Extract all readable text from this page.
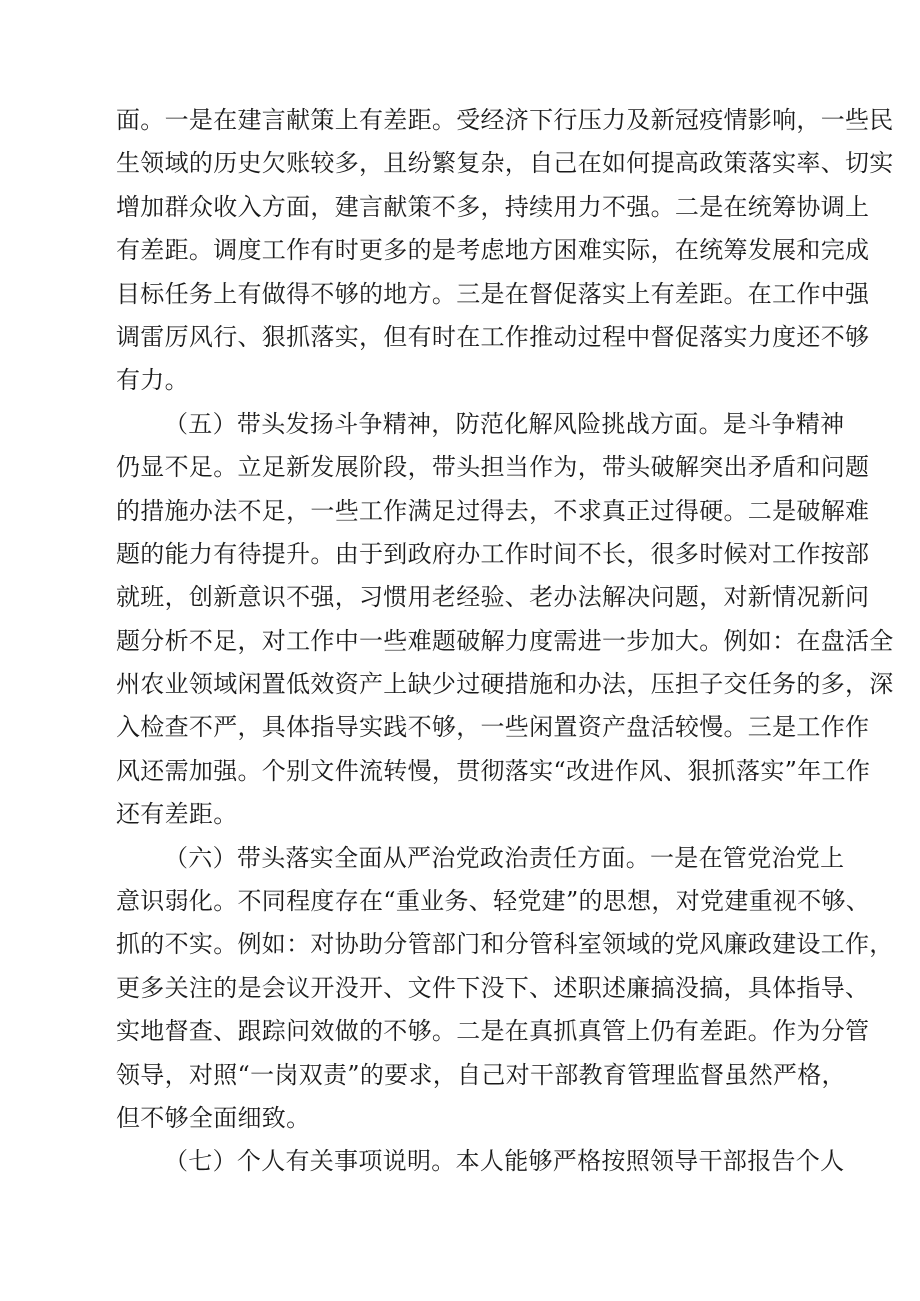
面。一是在建言献策上有差距。受经济下行压力及新冠疫情影响，一些民
生领域的历史欠账较多，且纷繁复杂，自己在如何提高政策落实率、切实
增加群众收入方面，建言献策不多，持续用力不强。二是在统筹协调上
有差距。调度工作有时更多的是考虑地方困难实际，在统筹发展和完成
目标任务上有做得不够的地方。三是在督促落实上有差距。在工作中强
调雷厉风行、狠抓落实，但有时在工作推动过程中督促落实力度还不够
有力。
（五）带头发扬斗争精神，防范化解风险挑战方面。是斗争精神
仍显不足。立足新发展阶段，带头担当作为，带头破解突出矛盾和问题
的措施办法不足，一些工作满足过得去，不求真正过得硬。二是破解难
题的能力有待提升。由于到政府办工作时间不长，很多时候对工作按部
就班，创新意识不强，习惯用老经验、老办法解决问题，对新情况新问
题分析不足，对工作中一些难题破解力度需进一步加大。例如：在盘活全
州农业领域闲置低效资产上缺少过硬措施和办法，压担子交任务的多，深
入检查不严，具体指导实践不够，一些闲置资产盘活较慢。三是工作作
风还需加强。个别文件流转慢，贯彻落实“改进作风、狠抓落实”年工作
还有差距。
（六）带头落实全面从严治党政治责任方面。一是在管党治党上
意识弱化。不同程度存在“重业务、轻党建”的思想，对党建重视不够、
抓的不实。例如：对协助分管部门和分管科室领域的党风廉政建设工作，
更多关注的是会议开没开、文件下没下、述职述廉搞没搞，具体指导、
实地督查、跟踪问效做的不够。二是在真抓真管上仍有差距。作为分管
领导，对照“一岗双责”的要求，自己对干部教育管理监督虽然严格，
但不够全面细致。
（七）个人有关事项说明。本人能够严格按照领导干部报告个人
